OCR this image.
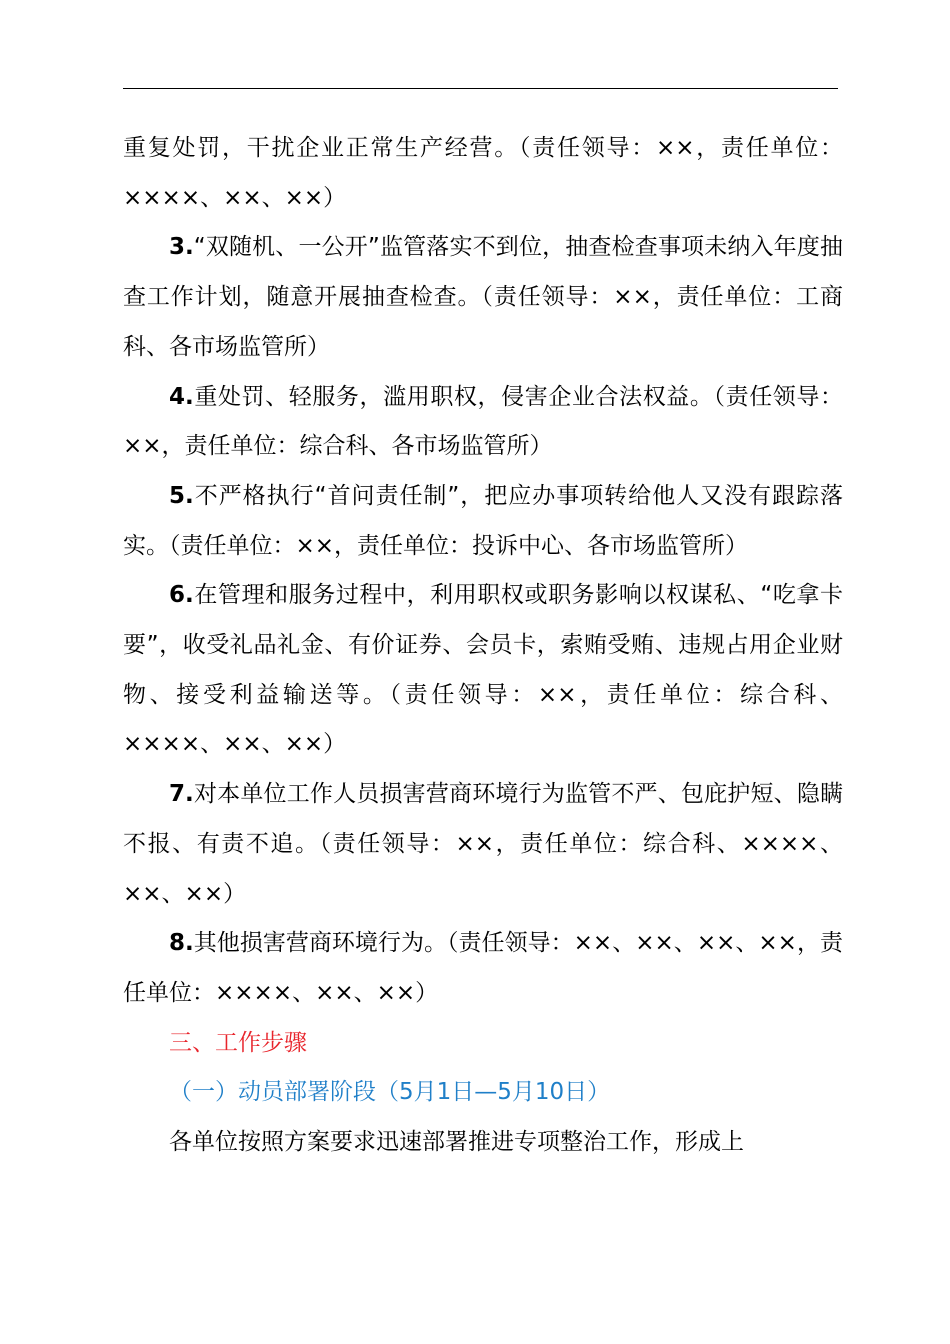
重复处罚，干扰企业正常生产经营。（责任领导：××，责任单位：××××、××、××）

3.“双随机、一公开”监管落实不到位，抽查检查事项未纳入年度抽查工作计划，随意开展抽查检查。（责任领导：××，责任单位：工商科、各市场监管所）

4.重处罚、轻服务，滥用职权，侵害企业合法权益。（责任领导：××，责任单位：综合科、各市场监管所）

5.不严格执行“首问责任制”，把应办事项转给他人又没有跟踪落实。（责任单位：××，责任单位：投诉中心、各市场监管所）

6.在管理和服务过程中，利用职权或职务影响以权谋私、“吃拿卡要”，收受礼品礼金、有价证券、会员卡，索贿受贿、违规占用企业财物、接受利益输送等。（责任领导：××，责任单位：综合科、××××、××、××）

7.对本单位工作人员损害营商环境行为监管不严、包庇护短、隐瞒不报、有责不追。（责任领导：××，责任单位：综合科、××××、××、××）

8.其他损害营商环境行为。（责任领导：××、××、××、××，责任单位：××××、××、××）

三、工作步骤

（一）动员部署阶段（5月1日—5月10日）

各单位按照方案要求迅速部署推进专项整治工作，形成上
